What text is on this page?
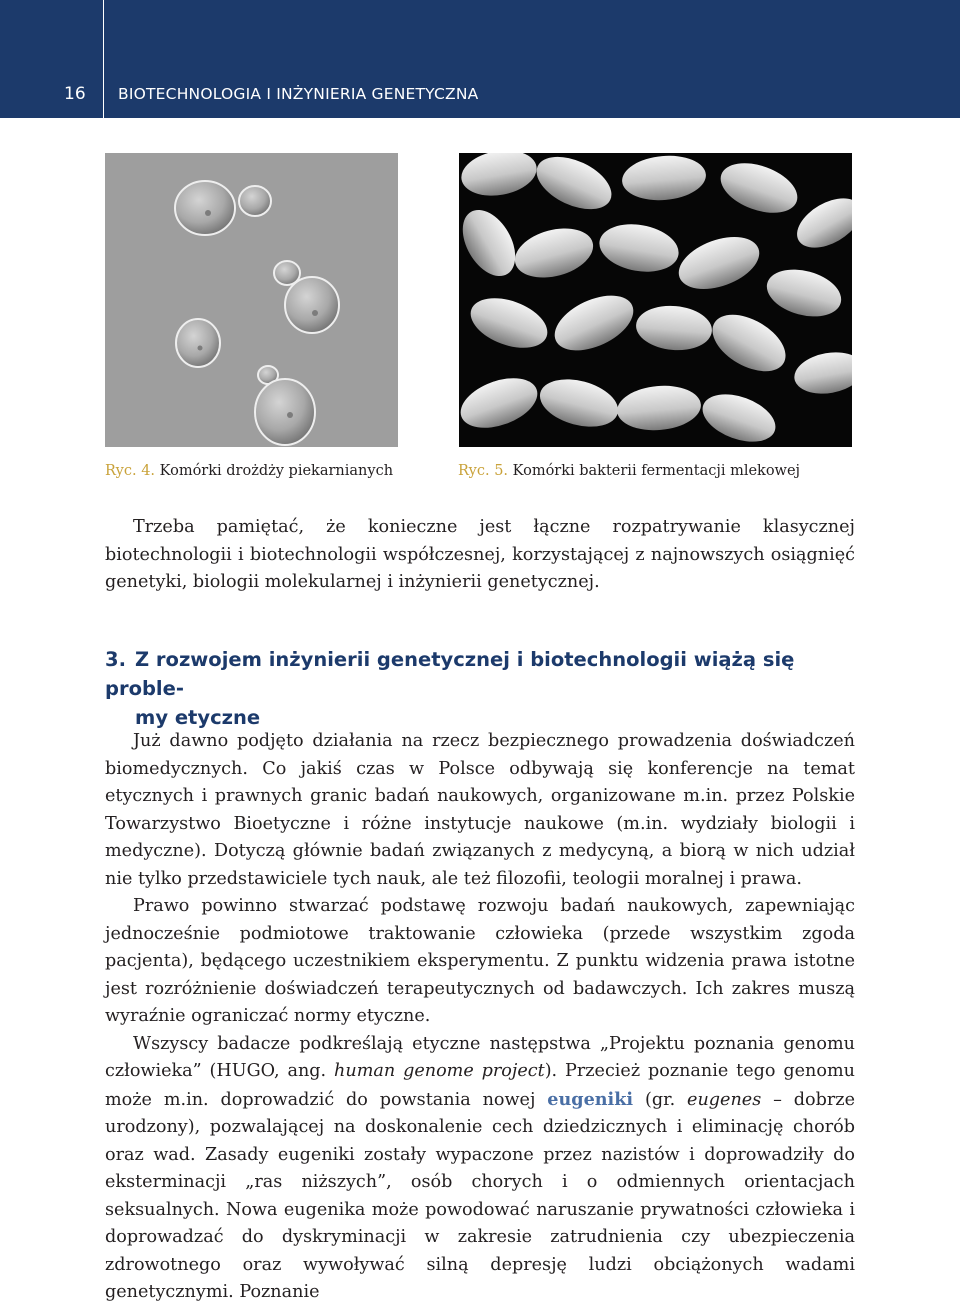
16	BIOTECHNOLOGIA I INŻYNIERIA GENETYCZNA
Ryc. 4. Komórki drożdży piekarnianych	Ryc. 5. Komórki bakterii fermentacji mlekowej
Trzeba pamiętać, że konieczne jest łączne rozpatrywanie klasycznej biotechnologii i biotechnologii współczesnej, korzystającej z najnowszych osiągnięć genetyki, biologii molekularnej i inżynierii genetycznej.
3. Z rozwojem inżynierii genetycznej i biotechnologii wiążą się proble-
my etyczne

Już dawno podjęto działania na rzecz bezpiecznego prowadzenia doświadczeń biomedycznych. Co jakiś czas w Polsce odbywają się konferencje na temat etycznych i prawnych granic badań naukowych, organizowane m.in. przez Polskie Towarzystwo Bioetyczne i różne instytucje naukowe (m.in. wydziały biologii i medyczne). Dotyczą głównie badań związanych z medycyną, a biorą w nich udział nie tylko przedstawiciele tych nauk, ale też filozofii, teologii moralnej i prawa.

Prawo powinno stwarzać podstawę rozwoju badań naukowych, zapewniając jednocześnie podmiotowe traktowanie człowieka (przede wszystkim zgoda pacjenta), będącego uczestnikiem eksperymentu. Z punktu widzenia prawa istotne jest rozróżnienie doświadczeń terapeutycznych od badawczych. Ich zakres muszą wyraźnie ograniczać normy etyczne.

Wszyscy badacze podkreślają etyczne następstwa „Projektu poznania genomu człowieka” (HUGO, ang. human genome project). Przecież poznanie tego genomu może m.in. doprowadzić do powstania nowej eugeniki (gr. eugenes – dobrze urodzony), pozwalającej na doskonalenie cech dziedzicznych i eliminację chorób oraz wad. Zasady eugeniki zostały wypaczone przez nazistów i doprowadziły do eksterminacji „ras niższych”, osób chorych i o odmiennych orientacjach seksualnych. Nowa eugenika może powodować naruszanie prywatności człowieka i doprowadzać do dyskryminacji w zakresie zatrudnienia czy ubezpieczenia zdrowotnego oraz wywoływać silną depresję ludzi obciążonych wadami genetycznymi. Poznanie
